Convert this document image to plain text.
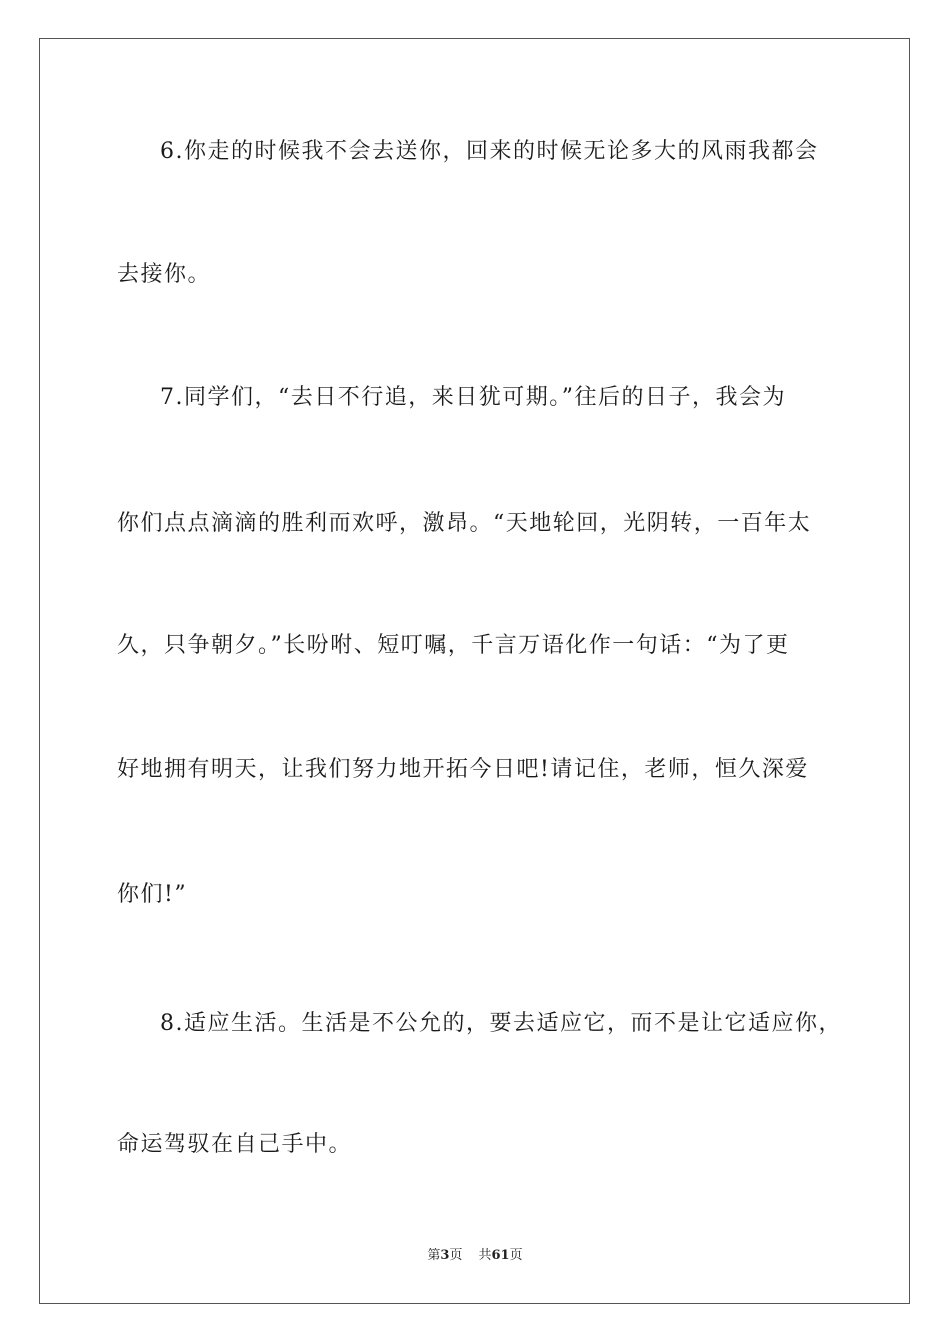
6.你走的时候我不会去送你，回来的时候无论多大的风雨我都会
去接你。
7.同学们，“去日不行追，来日犹可期。”往后的日子，我会为
你们点点滴滴的胜利而欢呼，激昂。“天地轮回，光阴转，一百年太
久，只争朝夕。”长吩咐、短叮嘱，千言万语化作一句话：“为了更
好地拥有明天，让我们努力地开拓今日吧!请记住，老师，恒久深爱
你们!”
8.适应生活。生活是不公允的，要去适应它，而不是让它适应你，
命运驾驭在自己手中。
第3页 共61页
